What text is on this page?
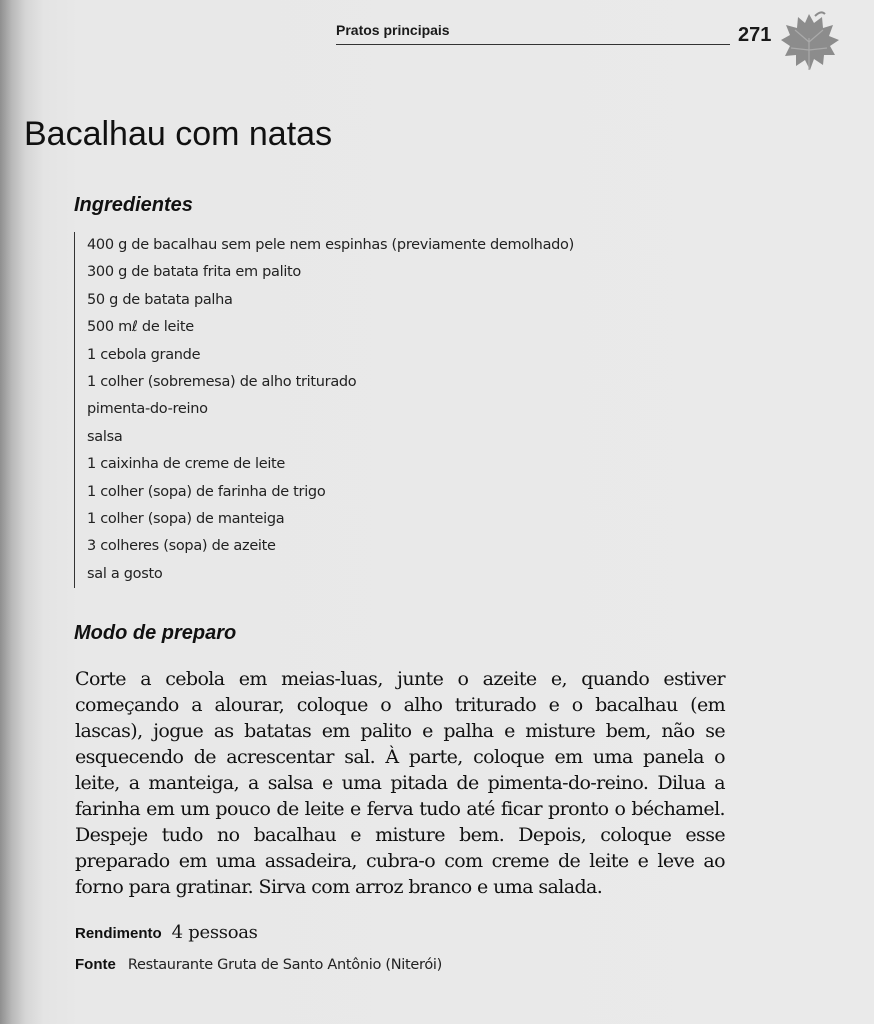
Pratos principais	271
Bacalhau com natas
Ingredientes
400 g de bacalhau sem pele nem espinhas (previamente demolhado)
300 g de batata frita em palito
50 g de batata palha
500 mℓ de leite
1 cebola grande
1 colher (sobremesa) de alho triturado
pimenta-do-reino
salsa
1 caixinha de creme de leite
1 colher (sopa) de farinha de trigo
1 colher (sopa) de manteiga
3 colheres (sopa) de azeite
sal a gosto
Modo de preparo

Corte a cebola em meias-luas, junte o azeite e, quando estiver começando a alourar, coloque o alho triturado e o bacalhau (em lascas), jogue as batatas em palito e palha e misture bem, não se esquecendo de acrescentar sal. À parte, coloque em uma panela o leite, a manteiga, a salsa e uma pitada de pimenta-do-reino. Dilua a farinha em um pouco de leite e ferva tudo até ficar pronto o béchamel. Despeje tudo no bacalhau e misture bem. Depois, coloque esse preparado em uma assadeira, cubra-o com creme de leite e leve ao forno para gratinar. Sirva com arroz branco e uma salada.

Rendimento 4 pessoas
Fonte Restaurante Gruta de Santo Antônio (Niterói)
